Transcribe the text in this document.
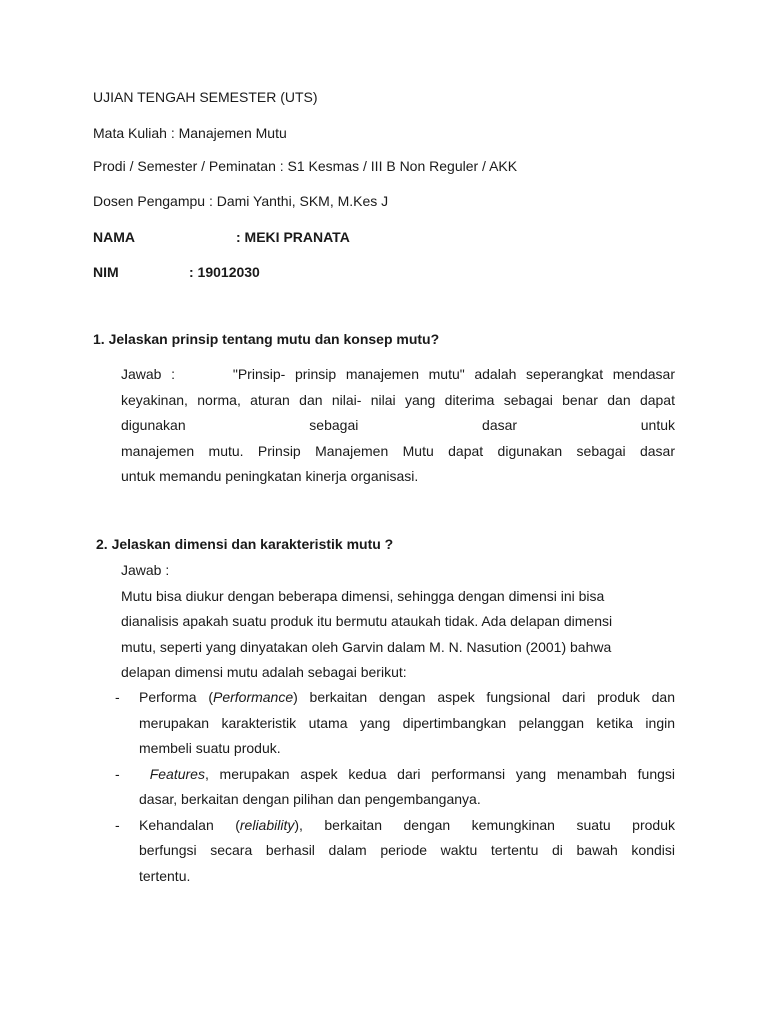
UJIAN TENGAH SEMESTER (UTS)
Mata Kuliah : Manajemen Mutu
Prodi / Semester / Peminatan : S1 Kesmas / III B Non Reguler / AKK
Dosen Pengampu : Dami Yanthi, SKM, M.Kes J
NAMA	: MEKI PRANATA
NIM	: 19012030
1. Jelaskan prinsip tentang mutu dan konsep mutu?
Jawab :      "Prinsip- prinsip manajemen mutu" adalah seperangkat mendasar
keyakinan, norma, aturan dan nilai- nilai yang diterima sebagai benar dan dapat
digunakan sebagai dasar untuk
manajemen mutu. Prinsip Manajemen Mutu dapat digunakan sebagai dasar
untuk memandu peningkatan kinerja organisasi.
2. Jelaskan dimensi dan karakteristik mutu ?
Jawab :
Mutu bisa diukur dengan beberapa dimensi, sehingga dengan dimensi ini bisa
dianalisis apakah suatu produk itu bermutu ataukah tidak. Ada delapan dimensi
mutu, seperti yang dinyatakan oleh Garvin dalam M. N. Nasution (2001) bahwa
delapan dimensi mutu adalah sebagai berikut:
- Performa (Performance) berkaitan dengan aspek fungsional dari produk dan
merupakan karakteristik utama yang dipertimbangkan pelanggan ketika ingin
membeli suatu produk.
-	Features, merupakan aspek kedua dari performansi yang menambah fungsi
dasar, berkaitan dengan pilihan dan pengembanganya.
- Kehandalan (reliability), berkaitan dengan kemungkinan suatu produk
berfungsi secara berhasil dalam periode waktu tertentu di bawah kondisi
tertentu.
